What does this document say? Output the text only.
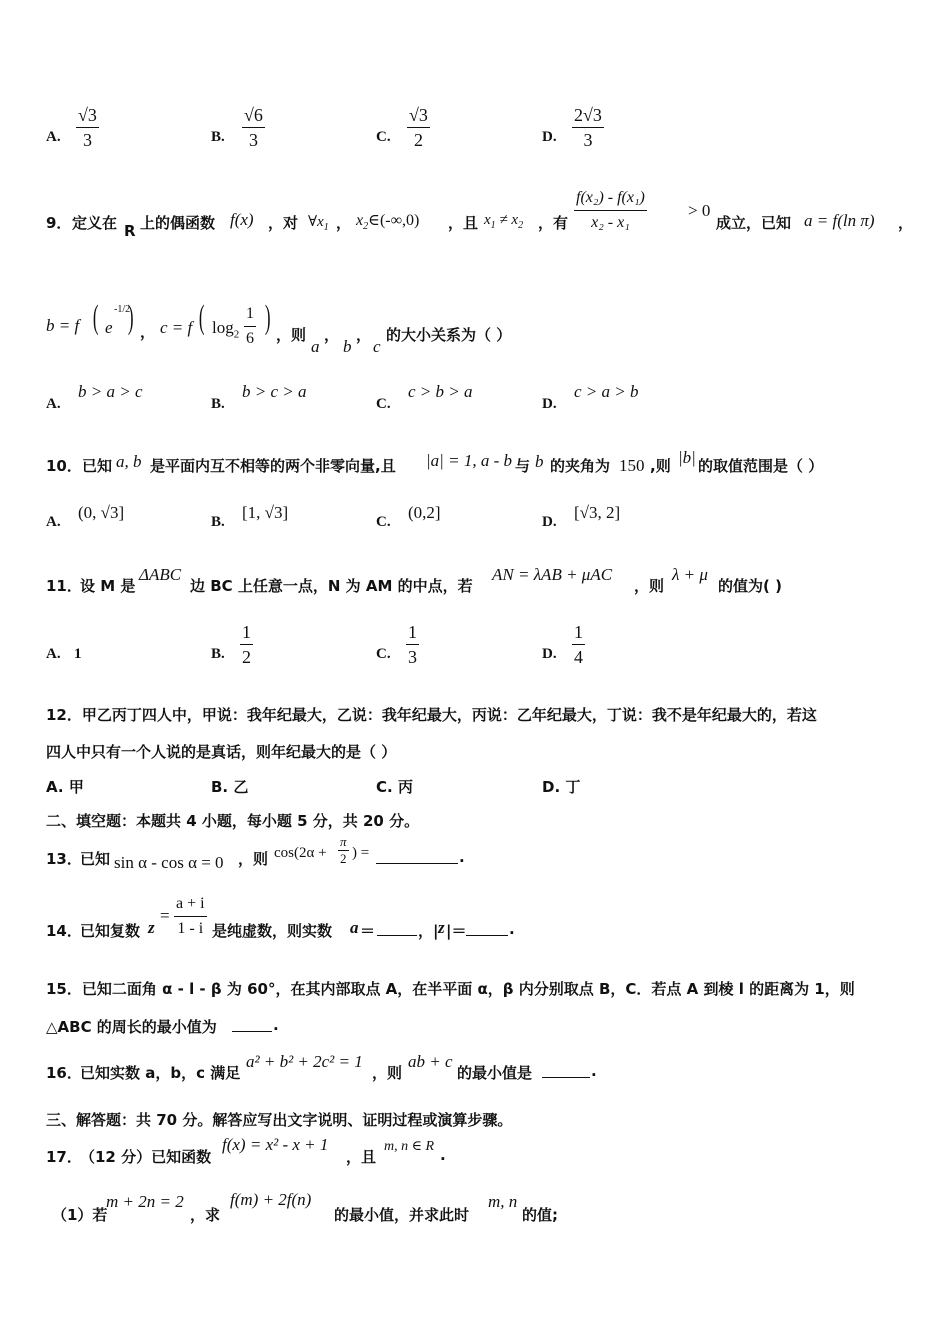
A. $\frac{√3}{3}$	B. $\frac{√6}{3}$	C. $\frac{√3}{2}$	D. $\frac{2√3}{3}$
9． 定义在 R 上的偶函数 f(x) ，对 $\forall x_1$ ， $x_2\in(-\infty,0)$ ，且 $x_1 \ne x_2$ ，有 $\frac{\text{f(x₂) - f(x₁)}}{\text{x₂ - x₁}} > 0$
成立，已知 a = f(ln π) ，
b = f ( e
-1/2
) ， c = f ( $\log_2 \frac{1}{6}$ ) ，则
a
，
b
，
c
的大小关系为（ ）
A.
b > a > c
B.
b > c > a
C.
c > b > a
D.
c > a > b
10． 已知 a, b 是平面内互不相等的两个非零向量,且 |a| = 1, a - b 与 b 的夹角为 150 ,则 |b| 的取值范围是（ ）
A. (0, √3]	B. [1, √3]	C. (0,2]	D. [√3, 2]
11．
设 M 是
ΔABC
边 BC 上任意一点，N 为 AM 的中点，若
AN = λAB + μAC
，则
λ + μ
的值为( )
A. 1	B. $\frac{1}{2}$	C. $\frac{1}{3}$	D. $\frac{1}{4}$
12．甲乙丙丁四人中，甲说：我年纪最大，乙说：我年纪最大，丙说：乙年纪最大，丁说：我不是年纪最大的，若这
四人中只有一个人说的是真话，则年纪最大的是（ ）
A. 甲	B. 乙	C. 丙	D. 丁
二、填空题：本题共 4 小题，每小题 5 分，共 20 分。
13．
已知 sin α - cos α = 0 ，则 $\cos(2\alpha + \frac{\pi}{2}$ ) =	.
14．
已知复数 z
= $\frac{a + i}{1 - i}$ 是纯虚数，则实数 a ＝	，| z |＝	.
15．已知二面角 α - l - β 为 60°，在其内部取点 A，在半平面 α，β 内分别取点 B，C．若点 A 到棱 l 的距离为 1，则
△ABC 的周长的最小值为	.
16．
已知实数 a，b，c 满足
a² + b² + 2c² = 1
，则
ab + c
的最小值是	.
三、解答题：共 70 分。解答应写出文字说明、证明过程或演算步骤。
17．
（12 分）已知函数
f(x) = x² - x + 1
，且
m, n ∈ R .
（1）若
m + 2n = 2
，求
f(m) + 2f(n)
的最小值，并求此时
m, n
的值;
